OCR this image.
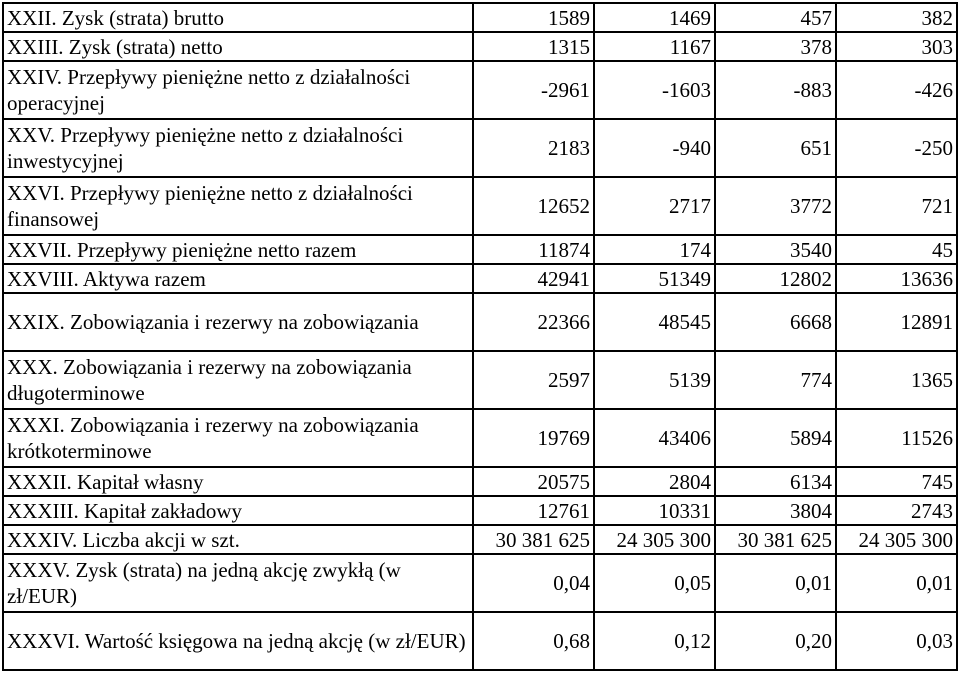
XXII. Zysk (strata) brutto	1589	1469	457	382
XXIII. Zysk (strata) netto	1315	1167	378	303
XXIV. Przepływy pieniężne netto z działalności operacyjnej	-2961	-1603	-883	-426
XXV. Przepływy pieniężne netto z działalności inwestycyjnej	2183	-940	651	-250
XXVI. Przepływy pieniężne netto z działalności finansowej	12652	2717	3772	721
XXVII. Przepływy pieniężne netto razem	11874	174	3540	45
XXVIII. Aktywa razem	42941	51349	12802	13636
XXIX. Zobowiązania i rezerwy na zobowiązania	22366	48545	6668	12891
XXX. Zobowiązania i rezerwy na zobowiązania długoterminowe	2597	5139	774	1365
XXXI. Zobowiązania i rezerwy na zobowiązania krótkoterminowe	19769	43406	5894	11526
XXXII. Kapitał własny	20575	2804	6134	745
XXXIII. Kapitał zakładowy	12761	10331	3804	2743
XXXIV. Liczba akcji w szt.	30 381 625	24 305 300	30 381 625	24 305 300
XXXV. Zysk (strata) na jedną akcję zwykłą (w zł/EUR)	0,04	0,05	0,01	0,01
XXXVI. Wartość księgowa na jedną akcję (w zł/EUR)	0,68	0,12	0,20	0,03
